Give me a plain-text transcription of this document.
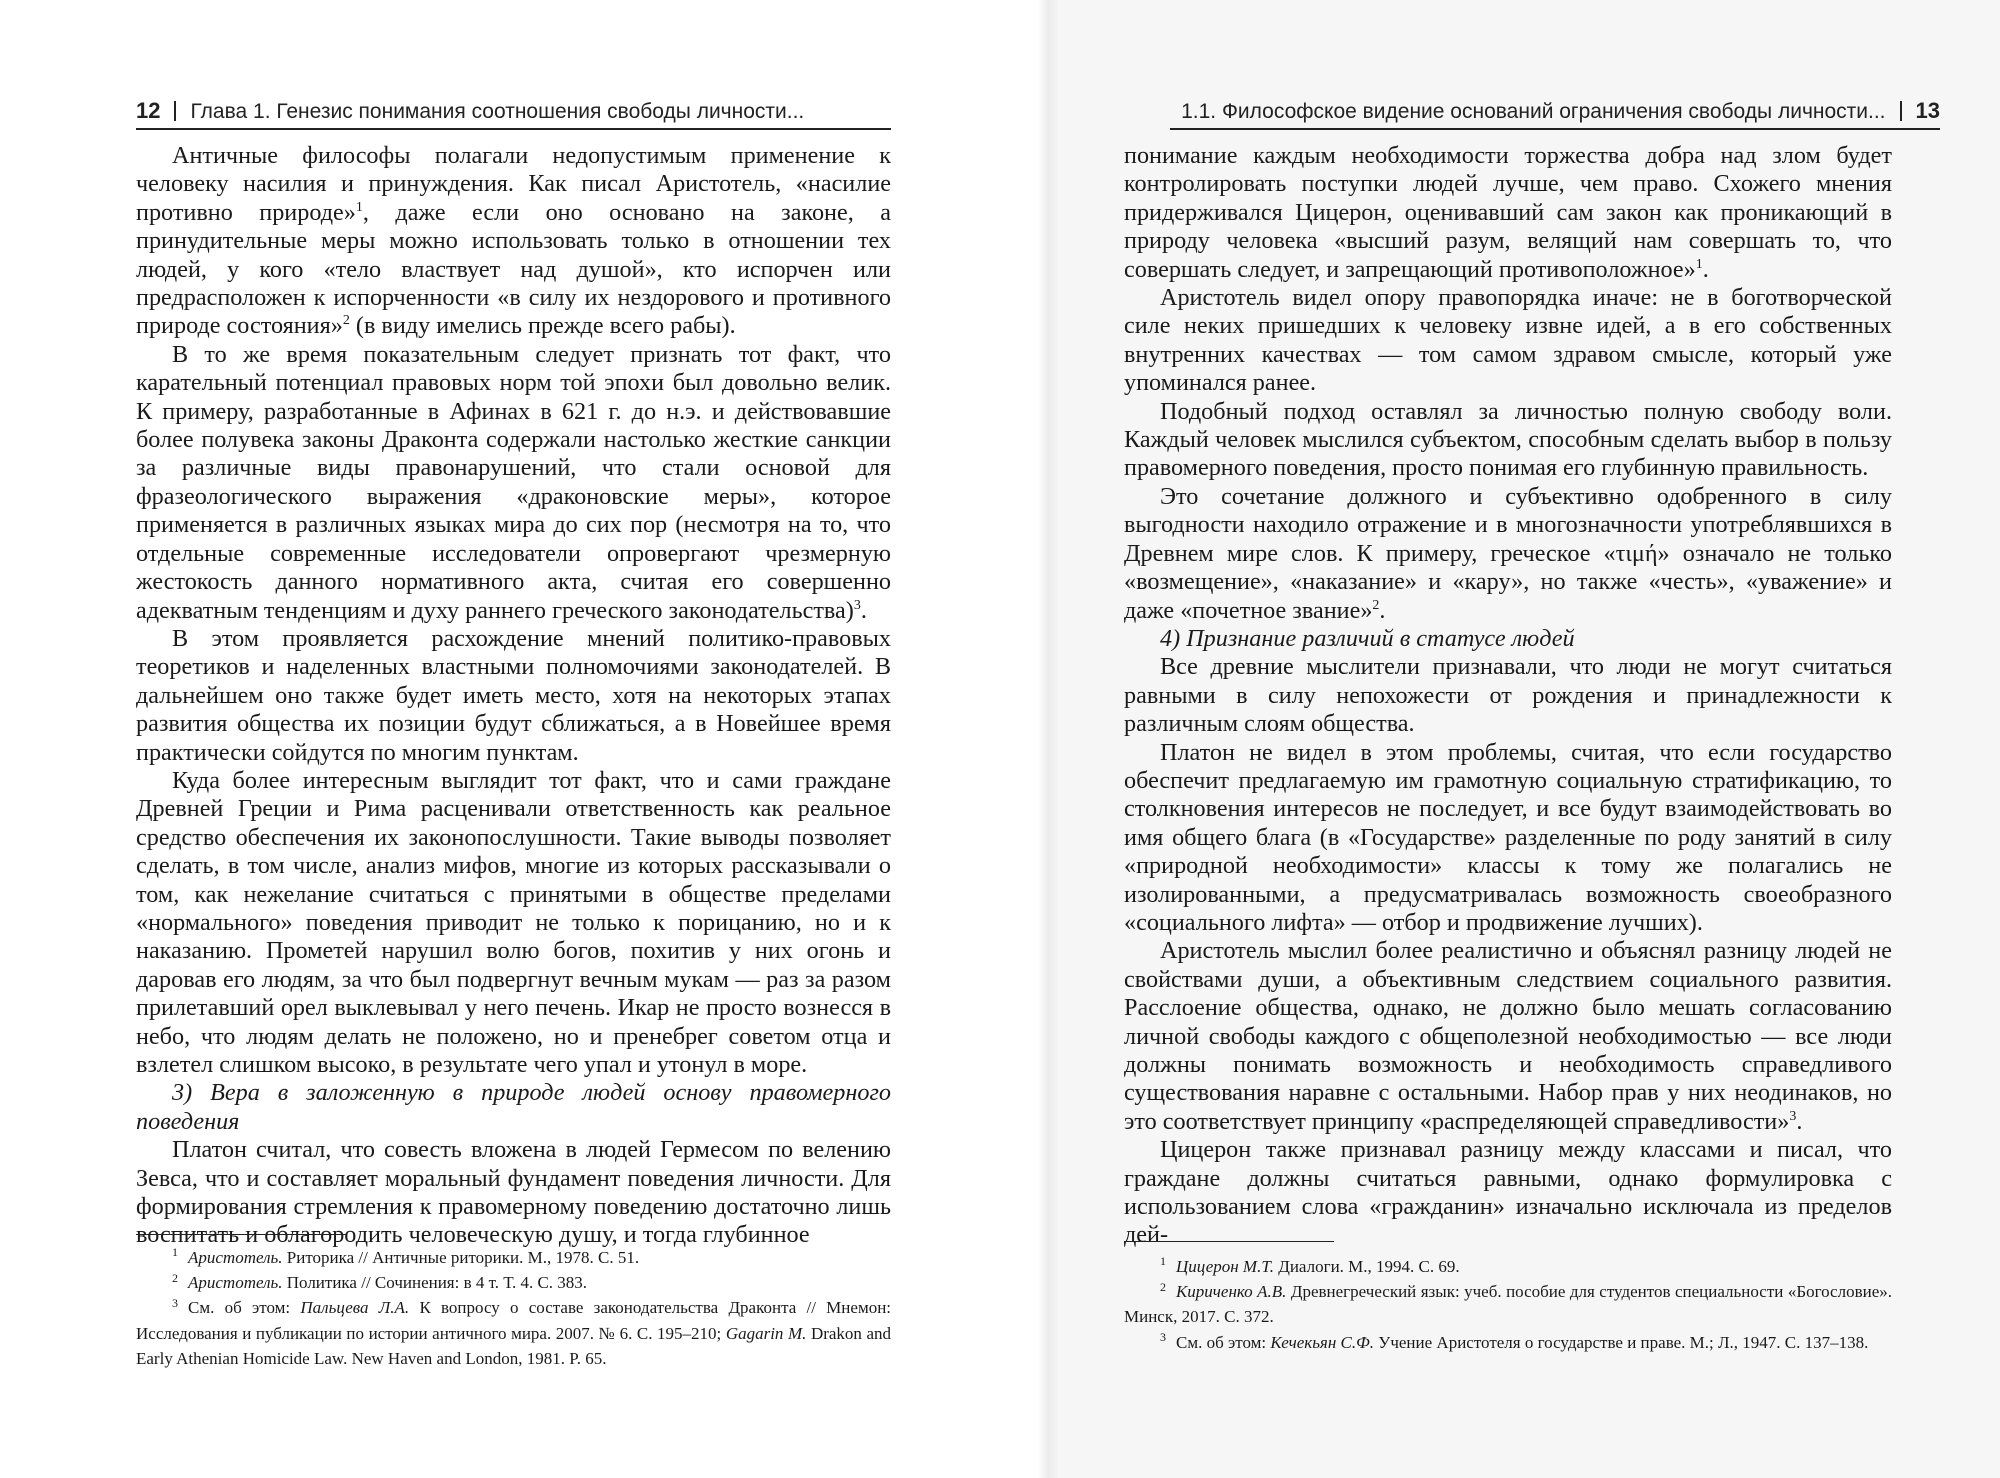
12 Глава 1. Генезис понимания соотношения свободы личности...

Античные философы полагали недопустимым применение к человеку насилия и принуждения. Как писал Аристотель, «насилие противно природе»$^1$, даже если оно основано на законе, а принудительные меры можно использовать только в отношении тех людей, у кого «тело властвует над душой», кто испорчен или предрасположен к испорченности «в силу их нездорового и противного природе состояния»$^2$ (в виду имелись прежде всего рабы).

В то же время показательным следует признать тот факт, что карательный потенциал правовых норм той эпохи был довольно велик. К примеру, разработанные в Афинах в 621 г. до н.э. и действовавшие более полувека законы Драконта содержали настолько жесткие санкции за различные виды правонарушений, что стали основой для фразеологического выражения «драконовские меры», которое применяется в различных языках мира до сих пор (несмотря на то, что отдельные современные исследователи опровергают чрезмерную жестокость данного нормативного акта, считая его совершенно адекватным тенденциям и духу раннего греческого законодательства)$^3$.

В этом проявляется расхождение мнений политико-правовых теоретиков и наделенных властными полномочиями законодателей. В дальнейшем оно также будет иметь место, хотя на некоторых этапах развития общества их позиции будут сближаться, а в Новейшее время практически сойдутся по многим пунктам.

Куда более интересным выглядит тот факт, что и сами граждане Древней Греции и Рима расценивали ответственность как реальное средство обеспечения их законопослушности. Такие выводы позволяет сделать, в том числе, анализ мифов, многие из которых рассказывали о том, как нежелание считаться с принятыми в обществе пределами «нормального» поведения приводит не только к порицанию, но и к наказанию. Прометей нарушил волю богов, похитив у них огонь и даровав его людям, за что был подвергнут вечным мукам — раз за разом прилетавший орел выклевывал у него печень. Икар не просто вознесся в небо, что людям делать не положено, но и пренебрег советом отца и взлетел слишком высоко, в результате чего упал и утонул в море.

3) Вера в заложенную в природе людей основу правомерного поведения

Платон считал, что совесть вложена в людей Гермесом по велению Зевса, что и составляет моральный фундамент поведения личности. Для формирования стремления к правомерному поведению достаточно лишь воспитать и облагородить человеческую душу, и тогда глубинное

$^1$ Аристотель. Риторика // Античные риторики. М., 1978. С. 51.

$^2$ Аристотель. Политика // Сочинения: в 4 т. Т. 4. С. 383.

$^3$ См. об этом: Пальцева Л.А. К вопросу о составе законодательства Драконта // Мнемон: Исследования и публикации по истории античного мира. 2007. № 6. С. 195–210; Gagarin M. Drakon and Early Athenian Homicide Law. New Haven and London, 1981. P. 65.

1.1. Философское видение оснований ограничения свободы личности... 13

понимание каждым необходимости торжества добра над злом будет контролировать поступки людей лучше, чем право. Схожего мнения придерживался Цицерон, оценивавший сам закон как проникающий в природу человека «высший разум, велящий нам совершать то, что совершать следует, и запрещающий противоположное»$^1$.

Аристотель видел опору правопорядка иначе: не в боготворческой силе неких пришедших к человеку извне идей, а в его собственных внутренних качествах — том самом здравом смысле, который уже упоминался ранее.

Подобный подход оставлял за личностью полную свободу воли. Каждый человек мыслился субъектом, способным сделать выбор в пользу правомерного поведения, просто понимая его глубинную правильность.

Это сочетание должного и субъективно одобренного в силу выгодности находило отражение и в многозначности употреблявшихся в Древнем мире слов. К примеру, греческое «τιμή» означало не только «возмещение», «наказание» и «кару», но также «честь», «уважение» и даже «почетное звание»$^2$.

4) Признание различий в статусе людей

Все древние мыслители признавали, что люди не могут считаться равными в силу непохожести от рождения и принадлежности к различным слоям общества.

Платон не видел в этом проблемы, считая, что если государство обеспечит предлагаемую им грамотную социальную стратификацию, то столкновения интересов не последует, и все будут взаимодействовать во имя общего блага (в «Государстве» разделенные по роду занятий в силу «природной необходимости» классы к тому же полагались не изолированными, а предусматривалась возможность своеобразного «социального лифта» — отбор и продвижение лучших).

Аристотель мыслил более реалистично и объяснял разницу людей не свойствами души, а объективным следствием социального развития. Расслоение общества, однако, не должно было мешать согласованию личной свободы каждого с общеполезной необходимостью — все люди должны понимать возможность и необходимость справедливого существования наравне с остальными. Набор прав у них неодинаков, но это соответствует принципу «распределяющей справедливости»$^3$.

Цицерон также признавал разницу между классами и писал, что граждане должны считаться равными, однако формулировка с использованием слова «гражданин» изначально исключала из пределов дей-

$^1$ Цицерон М.Т. Диалоги. М., 1994. С. 69.

$^2$ Кириченко А.В. Древнегреческий язык: учеб. пособие для студентов специальности «Богословие». Минск, 2017. С. 372.

$^3$ См. об этом: Кечекьян С.Ф. Учение Аристотеля о государстве и праве. М.; Л., 1947. С. 137–138.
